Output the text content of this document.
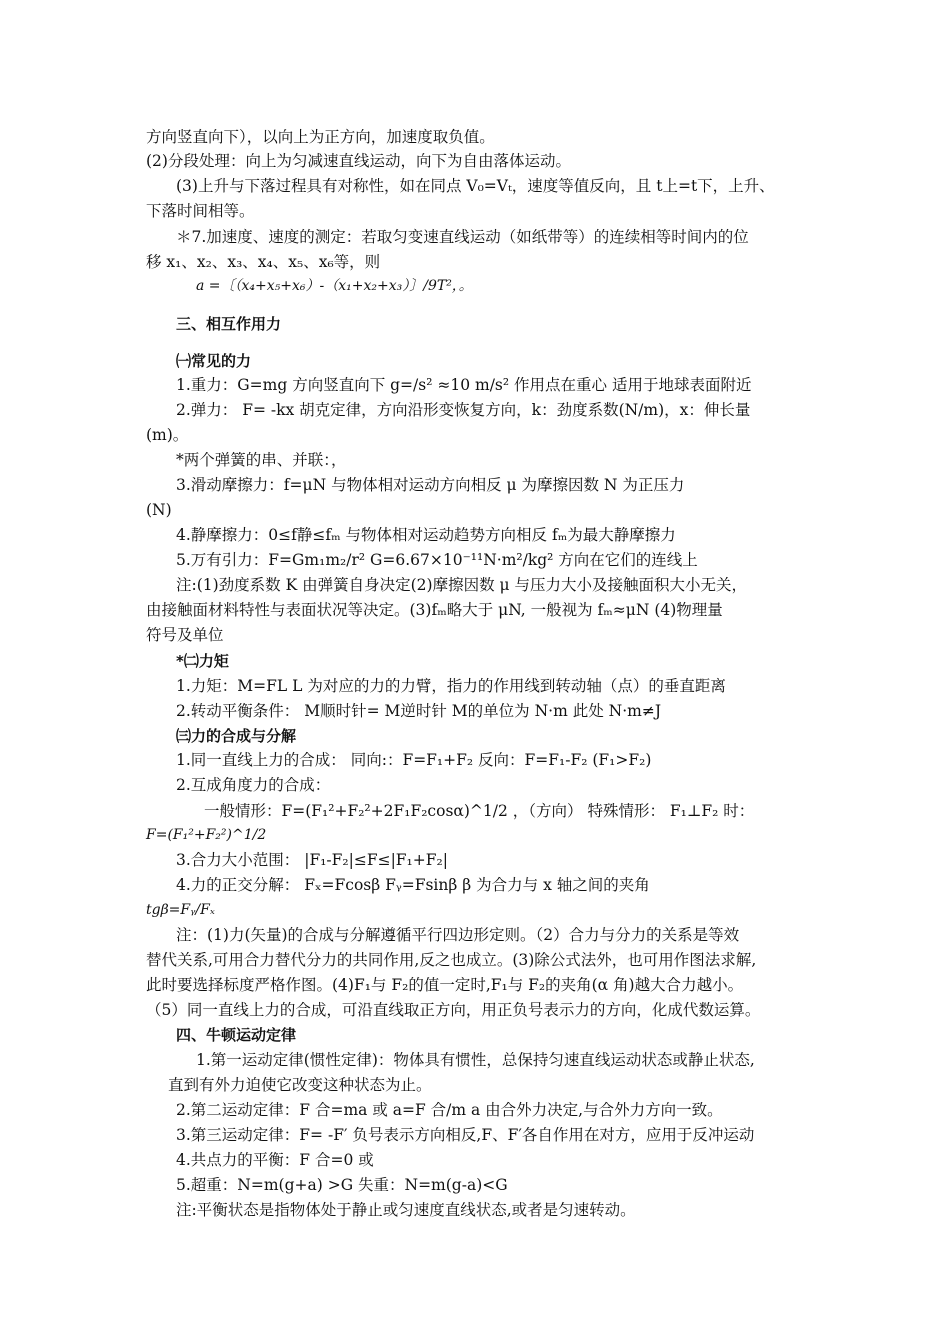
方向竖直向下），以向上为正方向，加速度取负值。
(2)分段处理：向上为匀减速直线运动，向下为自由落体运动。
(3)上升与下落过程具有对称性，如在同点 V₀=Vₜ，速度等值反向，且 t上=t下，上升、
下落时间相等。
＊7.加速度、速度的测定：若取匀变速直线运动（如纸带等）的连续相等时间内的位
移 x₁、x₂、x₃、x₄、x₅、x₆等，则
a =〔（x₄+x₅+x₆）-（x₁+x₂+x₃）〕/9T²，。
三、相互作用力
㈠常见的力
1.重力：G=mg 方向竖直向下 g=/s² ≈10 m/s² 作用点在重心 适用于地球表面附近
2.弹力： F= -kx 胡克定律，方向沿形变恢复方向，k：劲度系数(N/m)，x：伸长量
(m)。
*两个弹簧的串、并联：，
3.滑动摩擦力：f=μN 与物体相对运动方向相反 μ 为摩擦因数 N 为正压力
(N)
4.静摩擦力：0≤f静≤fₘ 与物体相对运动趋势方向相反 fₘ为最大静摩擦力
5.万有引力：F=Gm₁m₂/r² G=6.67×10⁻¹¹N·m²/kg² 方向在它们的连线上
注:(1)劲度系数 K 由弹簧自身决定(2)摩擦因数 μ 与压力大小及接触面积大小无关，
由接触面材料特性与表面状况等决定。(3)fₘ略大于 μN, 一般视为 fₘ≈μN (4)物理量
符号及单位
*㈡力矩
1.力矩：M=FL L 为对应的力的力臂，指力的作用线到转动轴（点）的垂直距离
2.转动平衡条件： M顺时针= M逆时针 M的单位为 N·m 此处 N·m≠J
㈢力的合成与分解
1.同一直线上力的合成： 同向:：F=F₁+F₂ 反向：F=F₁-F₂ (F₁>F₂)
2.互成角度力的合成：
一般情形：F=(F₁²+F₂²+2F₁F₂cosα)^1/2 ，（方向） 特殊情形： F₁⊥F₂ 时：
F=(F₁²+F₂²)^1/2
3.合力大小范围： |F₁-F₂|≤F≤|F₁+F₂|
4.力的正交分解： Fₓ=Fcosβ Fᵧ=Fsinβ β 为合力与 x 轴之间的夹角
tgβ=Fᵧ/Fₓ
注：(1)力(矢量)的合成与分解遵循平行四边形定则。（2）合力与分力的关系是等效
替代关系,可用合力替代分力的共同作用,反之也成立。(3)除公式法外，也可用作图法求解,
此时要选择标度严格作图。(4)F₁与 F₂的值一定时,F₁与 F₂的夹角(α 角)越大合力越小。
（5）同一直线上力的合成，可沿直线取正方向，用正负号表示力的方向，化成代数运算。
四、牛顿运动定律
1.第一运动定律(惯性定律)：物体具有惯性，总保持匀速直线运动状态或静止状态,
直到有外力迫使它改变这种状态为止。
2.第二运动定律：F 合=ma 或 a=F 合/m a 由合外力决定,与合外力方向一致。
3.第三运动定律：F= -F′ 负号表示方向相反,F、F′各自作用在对方，应用于反冲运动
4.共点力的平衡：F 合=0 或
5.超重：N=m(g+a) >G 失重：N=m(g-a)<G
注:平衡状态是指物体处于静止或匀速度直线状态,或者是匀速转动。
